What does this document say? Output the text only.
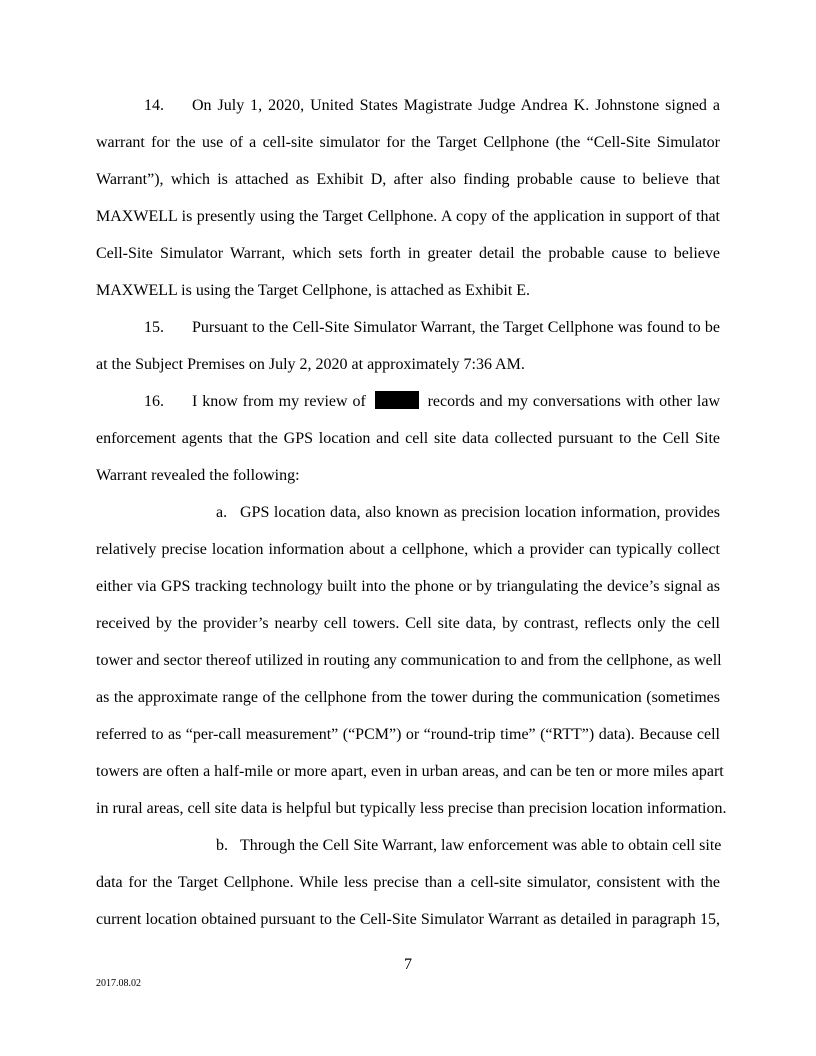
14. On July 1, 2020, United States Magistrate Judge Andrea K. Johnstone signed a
warrant for the use of a cell-site simulator for the Target Cellphone (the “Cell-Site Simulator
Warrant”), which is attached as Exhibit D, after also finding probable cause to believe that
MAXWELL is presently using the Target Cellphone. A copy of the application in support of that
Cell-Site Simulator Warrant, which sets forth in greater detail the probable cause to believe
MAXWELL is using the Target Cellphone, is attached as Exhibit E.
15. Pursuant to the Cell-Site Simulator Warrant, the Target Cellphone was found to be
at the Subject Premises on July 2, 2020 at approximately 7:36 AM.
16. I know from my review of	records and my conversations with other law
enforcement agents that the GPS location and cell site data collected pursuant to the Cell Site
Warrant revealed the following:
a. GPS location data, also known as precision location information, provides
relatively precise location information about a cellphone, which a provider can typically collect
either via GPS tracking technology built into the phone or by triangulating the device’s signal as
received by the provider’s nearby cell towers. Cell site data, by contrast, reflects only the cell
tower and sector thereof utilized in routing any communication to and from the cellphone, as well
as the approximate range of the cellphone from the tower during the communication (sometimes
referred to as “per-call measurement” (“PCM”) or “round-trip time” (“RTT”) data). Because cell
towers are often a half-mile or more apart, even in urban areas, and can be ten or more miles apart
in rural areas, cell site data is helpful but typically less precise than precision location information.
b. Through the Cell Site Warrant, law enforcement was able to obtain cell site
data for the Target Cellphone. While less precise than a cell-site simulator, consistent with the
current location obtained pursuant to the Cell-Site Simulator Warrant as detailed in paragraph 15,
7
2017.08.02
